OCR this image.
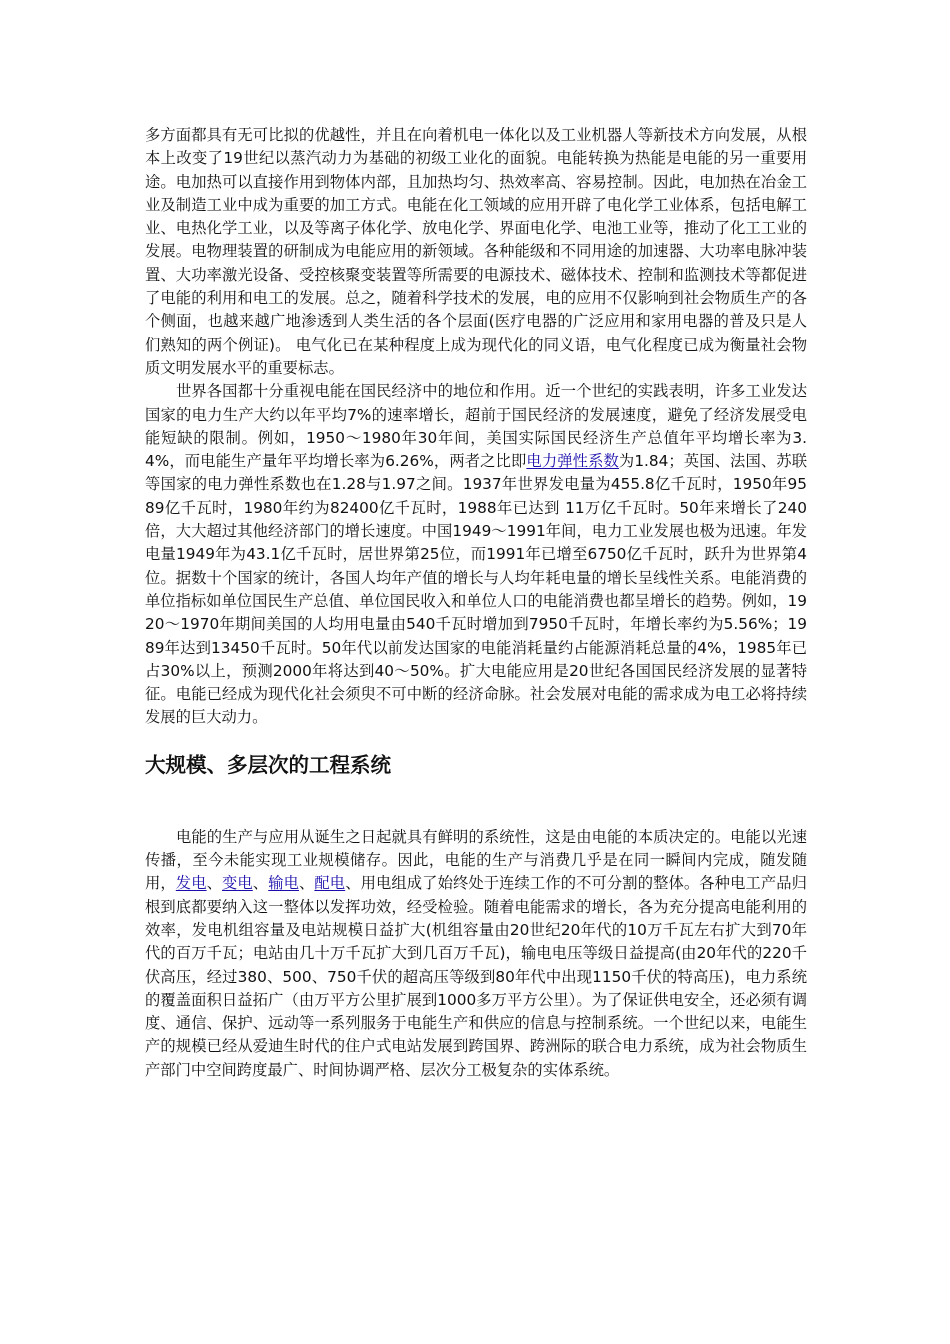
多方面都具有无可比拟的优越性，并且在向着机电一体化以及工业机器人等新技术方向发展，从根本上改变了19世纪以蒸汽动力为基础的初级工业化的面貌。电能转换为热能是电能的另一重要用途。电加热可以直接作用到物体内部，且加热均匀、热效率高、容易控制。因此，电加热在冶金工业及制造工业中成为重要的加工方式。电能在化工领域的应用开辟了电化学工业体系，包括电解工业、电热化学工业，以及等离子体化学、放电化学、界面电化学、电池工业等，推动了化工工业的发展。电物理装置的研制成为电能应用的新领域。各种能级和不同用途的加速器、大功率电脉冲装置、大功率激光设备、受控核聚变装置等所需要的电源技术、磁体技术、控制和监测技术等都促进了电能的利用和电工的发展。总之，随着科学技术的发展，电的应用不仅影响到社会物质生产的各个侧面，也越来越广地渗透到人类生活的各个层面(医疗电器的广泛应用和家用电器的普及只是人们熟知的两个例证)。 电气化已在某种程度上成为现代化的同义语，电气化程度已成为衡量社会物质文明发展水平的重要标志。

世界各国都十分重视电能在国民经济中的地位和作用。近一个世纪的实践表明，许多工业发达国家的电力生产大约以年平均7%的速率增长，超前于国民经济的发展速度，避免了经济发展受电能短缺的限制。例如，1950～1980年30年间，美国实际国民经济生产总值年平均增长率为3.4%，而电能生产量年平均增长率为6.26%，两者之比即电力弹性系数为1.84；英国、法国、苏联等国家的电力弹性系数也在1.28与1.97之间。1937年世界发电量为455.8亿千瓦时，1950年9589亿千瓦时，1980年约为82400亿千瓦时，1988年已达到 11万亿千瓦时。50年来增长了240倍，大大超过其他经济部门的增长速度。中国1949～1991年间，电力工业发展也极为迅速。年发电量1949年为43.1亿千瓦时，居世界第25位，而1991年已增至6750亿千瓦时，跃升为世界第4位。据数十个国家的统计，各国人均年产值的增长与人均年耗电量的增长呈线性关系。电能消费的单位指标如单位国民生产总值、单位国民收入和单位人口的电能消费也都呈增长的趋势。例如，1920～1970年期间美国的人均用电量由540千瓦时增加到7950千瓦时，年增长率约为5.56%；1989年达到13450千瓦时。50年代以前发达国家的电能消耗量约占能源消耗总量的4%，1985年已占30%以上，预测2000年将达到40～50%。扩大电能应用是20世纪各国国民经济发展的显著特征。电能已经成为现代化社会须臾不可中断的经济命脉。社会发展对电能的需求成为电工必将持续发展的巨大动力。

大规模、多层次的工程系统

电能的生产与应用从诞生之日起就具有鲜明的系统性，这是由电能的本质决定的。电能以光速传播，至今未能实现工业规模储存。因此，电能的生产与消费几乎是在同一瞬间内完成，随发随用，发电、变电、输电、配电、用电组成了始终处于连续工作的不可分割的整体。各种电工产品归根到底都要纳入这一整体以发挥功效，经受检验。随着电能需求的增长，各为充分提高电能利用的效率，发电机组容量及电站规模日益扩大(机组容量由20世纪20年代的10万千瓦左右扩大到70年代的百万千瓦；电站由几十万千瓦扩大到几百万千瓦)，输电电压等级日益提高(由20年代的220千伏高压，经过380、500、750千伏的超高压等级到80年代中出现1150千伏的特高压)，电力系统的覆盖面积日益拓广（由万平方公里扩展到1000多万平方公里）。为了保证供电安全，还必须有调度、通信、保护、远动等一系列服务于电能生产和供应的信息与控制系统。一个世纪以来，电能生产的规模已经从爱迪生时代的住户式电站发展到跨国界、跨洲际的联合电力系统，成为社会物质生产部门中空间跨度最广、时间协调严格、层次分工极复杂的实体系统。
